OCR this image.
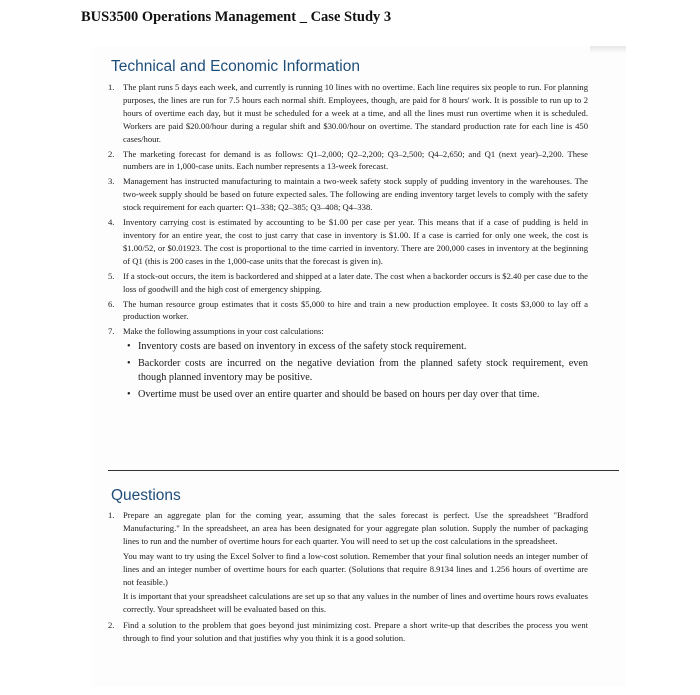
BUS3500 Operations Management _ Case Study 3
Technical and Economic Information
1. The plant runs 5 days each week, and currently is running 10 lines with no overtime. Each line requires six people to run. For planning purposes, the lines are run for 7.5 hours each normal shift. Employees, though, are paid for 8 hours' work. It is possible to run up to 2 hours of overtime each day, but it must be scheduled for a week at a time, and all the lines must run overtime when it is scheduled. Workers are paid $20.00/hour during a regular shift and $30.00/hour on overtime. The standard production rate for each line is 450 cases/hour.
2. The marketing forecast for demand is as follows: Q1–2,000; Q2–2,200; Q3–2,500; Q4–2,650; and Q1 (next year)–2,200. These numbers are in 1,000-case units. Each number represents a 13-week forecast.
3. Management has instructed manufacturing to maintain a two-week safety stock supply of pudding inventory in the warehouses. The two-week supply should be based on future expected sales. The following are ending inventory target levels to comply with the safety stock requirement for each quarter: Q1–338; Q2–385; Q3–408; Q4–338.
4. Inventory carrying cost is estimated by accounting to be $1.00 per case per year. This means that if a case of pudding is held in inventory for an entire year, the cost to just carry that case in inventory is $1.00. If a case is carried for only one week, the cost is $1.00/52, or $0.01923. The cost is proportional to the time carried in inventory. There are 200,000 cases in inventory at the beginning of Q1 (this is 200 cases in the 1,000-case units that the forecast is given in).
5. If a stock-out occurs, the item is backordered and shipped at a later date. The cost when a backorder occurs is $2.40 per case due to the loss of goodwill and the high cost of emergency shipping.
6. The human resource group estimates that it costs $5,000 to hire and train a new production employee. It costs $3,000 to lay off a production worker.
7. Make the following assumptions in your cost calculations:
• Inventory costs are based on inventory in excess of the safety stock requirement.
• Backorder costs are incurred on the negative deviation from the planned safety stock requirement, even though planned inventory may be positive.
• Overtime must be used over an entire quarter and should be based on hours per day over that time.
Questions
1. Prepare an aggregate plan for the coming year, assuming that the sales forecast is perfect. Use the spreadsheet "Bradford Manufacturing." In the spreadsheet, an area has been designated for your aggregate plan solution. Supply the number of packaging lines to run and the number of overtime hours for each quarter. You will need to set up the cost calculations in the spreadsheet.
You may want to try using the Excel Solver to find a low-cost solution. Remember that your final solution needs an integer number of lines and an integer number of overtime hours for each quarter. (Solutions that require 8.9134 lines and 1.256 hours of overtime are not feasible.)
It is important that your spreadsheet calculations are set up so that any values in the number of lines and overtime hours rows evaluates correctly. Your spreadsheet will be evaluated based on this.
2. Find a solution to the problem that goes beyond just minimizing cost. Prepare a short write-up that describes the process you went through to find your solution and that justifies why you think it is a good solution.
